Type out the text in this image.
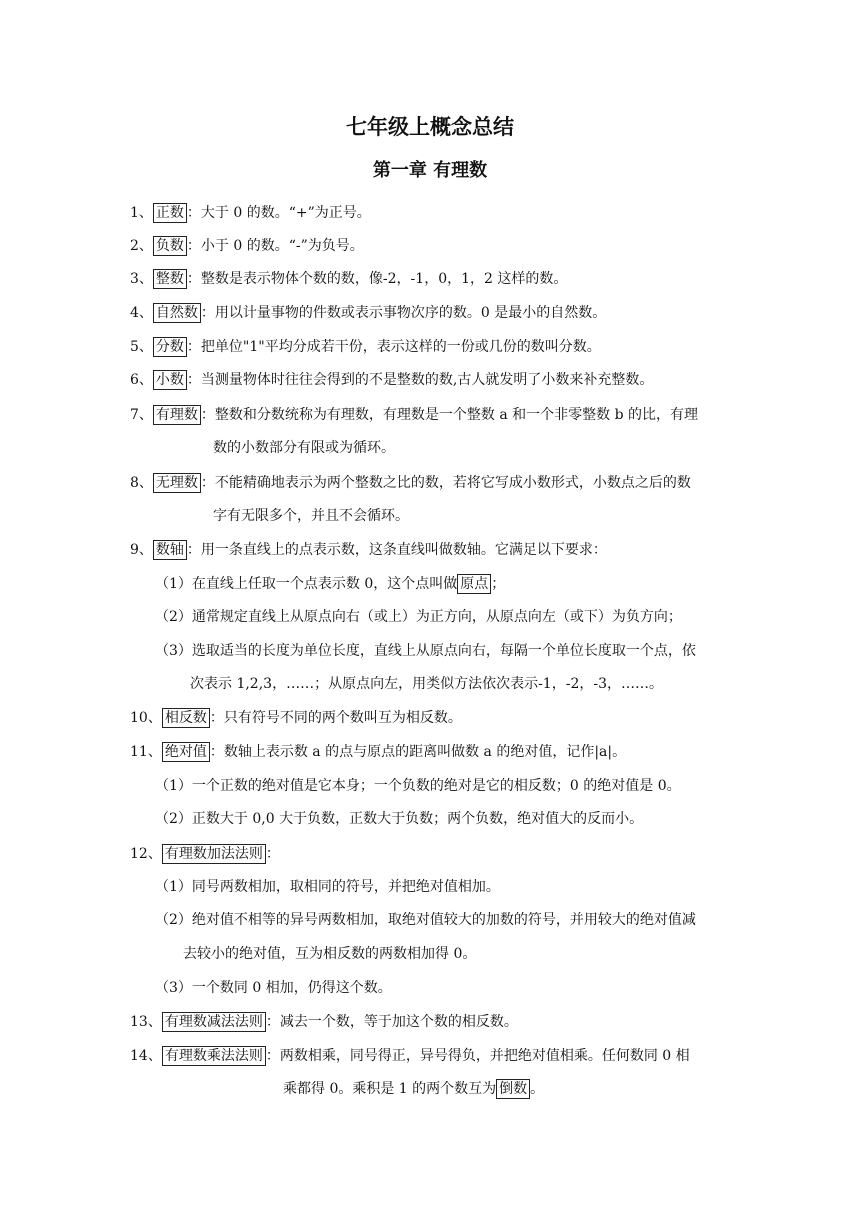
七年级上概念总结
第一章 有理数
1、 正数 ：大于 0 的数。“+”为正号。
2、 负数 ：小于 0 的数。“-”为负号。
3、 整数 ：整数是表示物体个数的数，像-2，-1，0，1，2 这样的数。
4、 自然数 ：用以计量事物的件数或表示事物次序的数。0 是最小的自然数。
5、 分数 ：把单位"1"平均分成若干份，表示这样的一份或几份的数叫分数。
6、 小数 ：当测量物体时往往会得到的不是整数的数,古人就发明了小数来补充整数。
7、 有理数 ：整数和分数统称为有理数，有理数是一个整数 a 和一个非零整数 b 的比，有理
数的小数部分有限或为循环。
8、 无理数 ：不能精确地表示为两个整数之比的数，若将它写成小数形式，小数点之后的数
字有无限多个，并且不会循环。
9、 数轴 ：用一条直线上的点表示数，这条直线叫做数轴。它满足以下要求：
（1）在直线上任取一个点表示数 0，这个点叫做 原点 ；
（2）通常规定直线上从原点向右（或上）为正方向，从原点向左（或下）为负方向；
（3）选取适当的长度为单位长度，直线上从原点向右，每隔一个单位长度取一个点，依
次表示 1,2,3，……；从原点向左，用类似方法依次表示-1，-2，-3，……。
10、 相反数 ：只有符号不同的两个数叫互为相反数。
11、 绝对值 ：数轴上表示数 a 的点与原点的距离叫做数 a 的绝对值，记作|a|。
（1）一个正数的绝对值是它本身；一个负数的绝对是它的相反数；0 的绝对值是 0。
（2）正数大于 0,0 大于负数，正数大于负数；两个负数，绝对值大的反而小。
12、 有理数加法法则 ：
（1）同号两数相加，取相同的符号，并把绝对值相加。
（2）绝对值不相等的异号两数相加，取绝对值较大的加数的符号，并用较大的绝对值减
去较小的绝对值，互为相反数的两数相加得 0。
（3）一个数同 0 相加，仍得这个数。
13、 有理数减法法则 ：减去一个数，等于加这个数的相反数。
14、 有理数乘法法则 ：两数相乘，同号得正，异号得负，并把绝对值相乘。任何数同 0 相
乘都得 0。乘积是 1 的两个数互为 倒数 。
